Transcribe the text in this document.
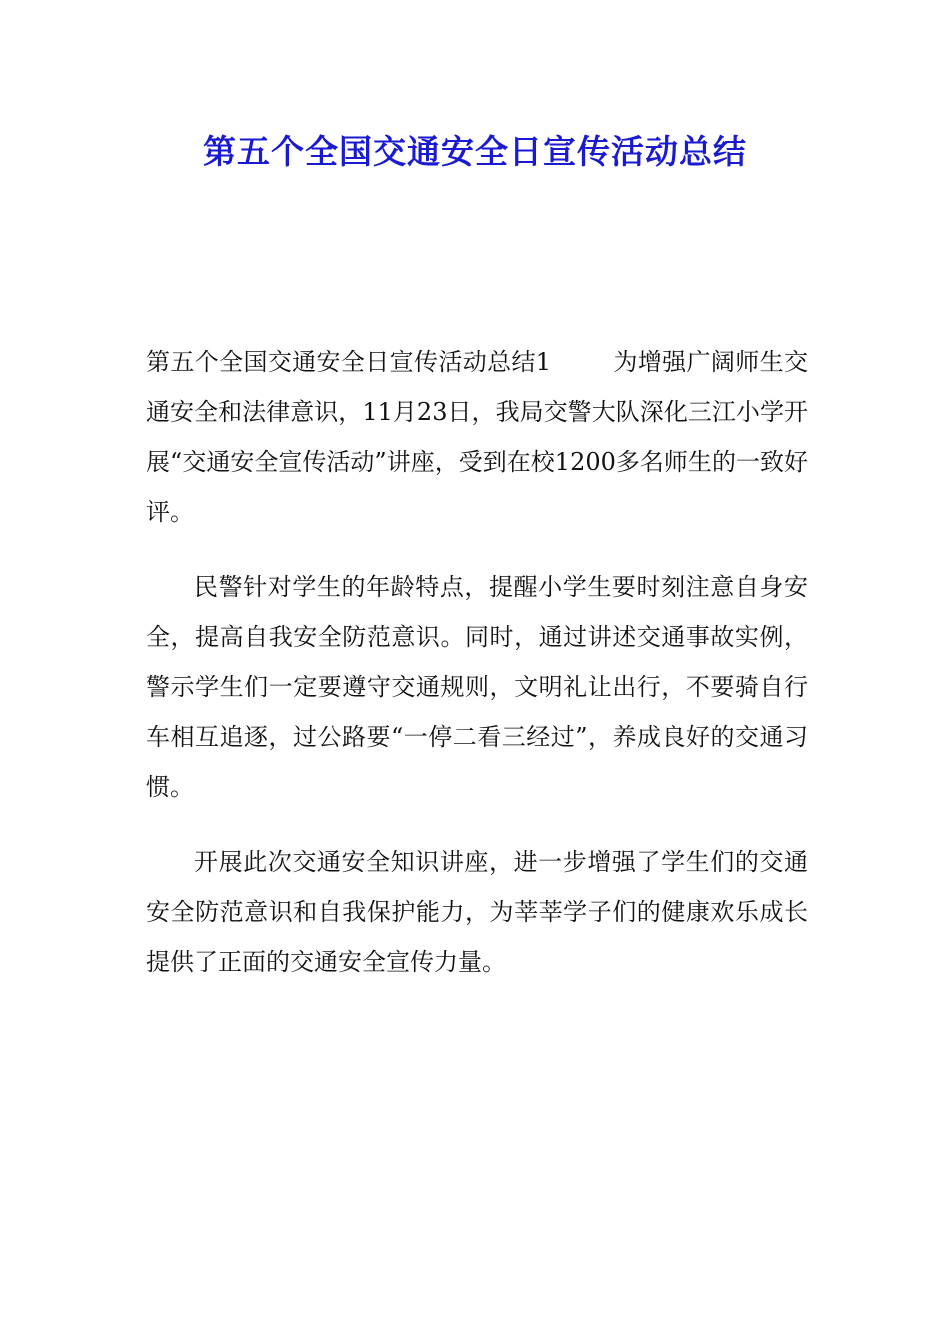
第五个全国交通安全日宣传活动总结

第五个全国交通安全日宣传活动总结1	为增强广阔师生交通安全和法律意识，11月23日，我局交警大队深化三江小学开展“交通安全宣传活动”讲座，受到在校1200多名师生的一致好评。

民警针对学生的年龄特点，提醒小学生要时刻注意自身安全，提高自我安全防范意识。同时，通过讲述交通事故实例，警示学生们一定要遵守交通规则，文明礼让出行，不要骑自行车相互追逐，过公路要“一停二看三经过”，养成良好的交通习惯。

开展此次交通安全知识讲座，进一步增强了学生们的交通安全防范意识和自我保护能力，为莘莘学子们的健康欢乐成长提供了正面的交通安全宣传力量。
